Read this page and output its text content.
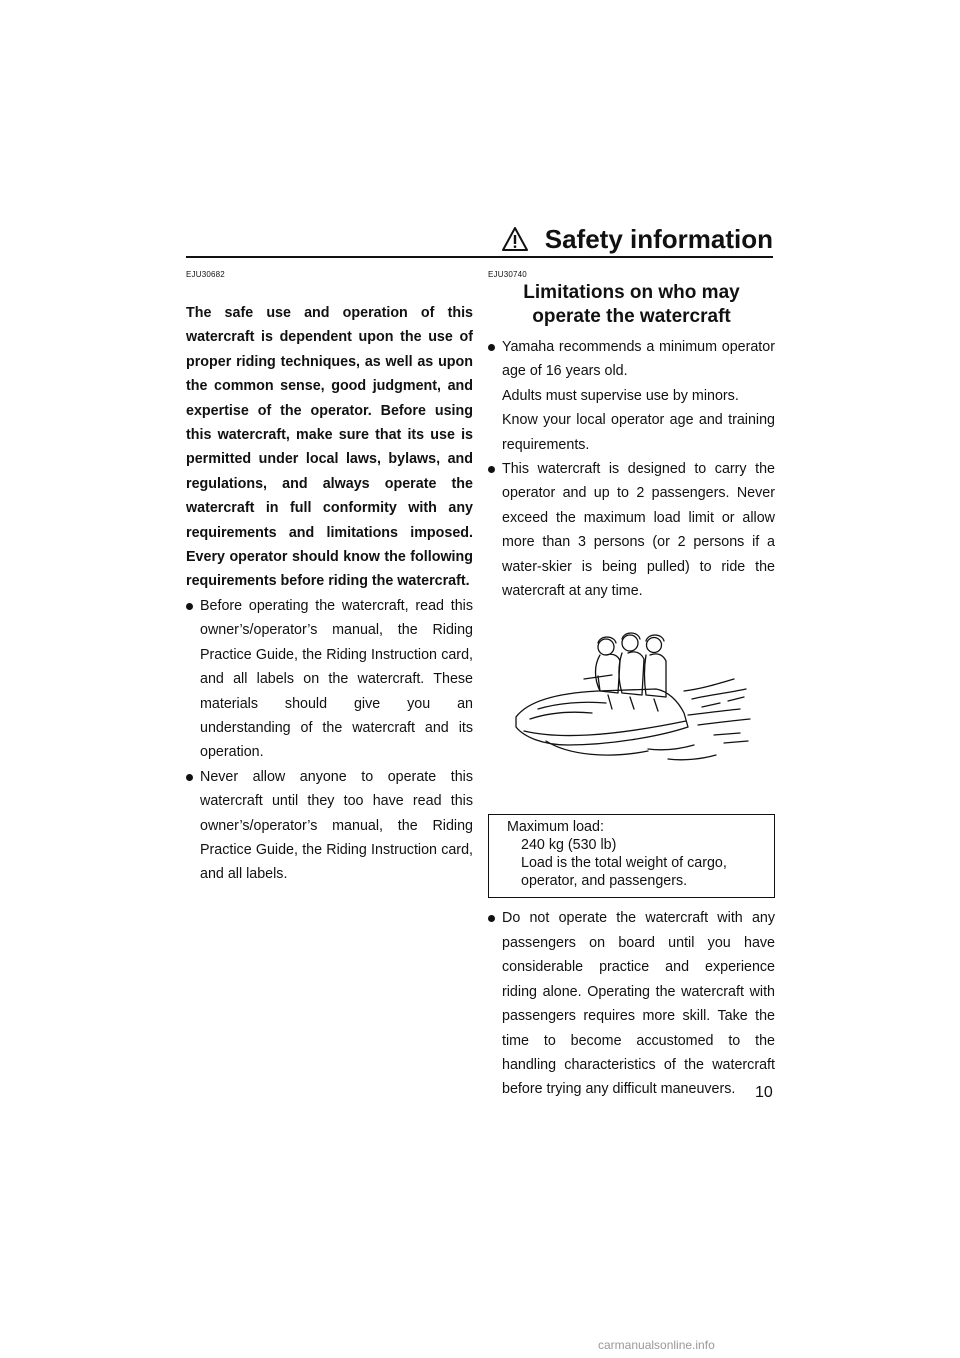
Safety information
EJU30682
The safe use and operation of this watercraft is dependent upon the use of proper riding techniques, as well as upon the common sense, good judgment, and expertise of the operator. Before using this watercraft, make sure that its use is permitted under local laws, bylaws, and regulations, and always operate the watercraft in full conformity with any requirements and limitations imposed. Every operator should know the following requirements before riding the watercraft.
Before operating the watercraft, read this owner’s/operator’s manual, the Riding Practice Guide, the Riding Instruction card, and all labels on the watercraft. These materials should give you an understanding of the watercraft and its operation.
Never allow anyone to operate this watercraft until they too have read this owner’s/operator’s manual, the Riding Practice Guide, the Riding Instruction card, and all labels.
EJU30740
Limitations on who may
operate the watercraft
Yamaha recommends a minimum operator age of 16 years old.
Adults must supervise use by minors.
Know your local operator age and training requirements.
This watercraft is designed to carry the operator and up to 2 passengers. Never exceed the maximum load limit or allow more than 3 persons (or 2 persons if a water-skier is being pulled) to ride the watercraft at any time.
Maximum load:
240 kg (530 lb)
Load is the total weight of cargo, operator, and passengers.
Do not operate the watercraft with any passengers on board until you have considerable practice and experience riding alone. Operating the watercraft with passengers requires more skill. Take the time to become accustomed to the handling characteristics of the watercraft before trying any difficult maneuvers.	10
carmanualsonline.info
